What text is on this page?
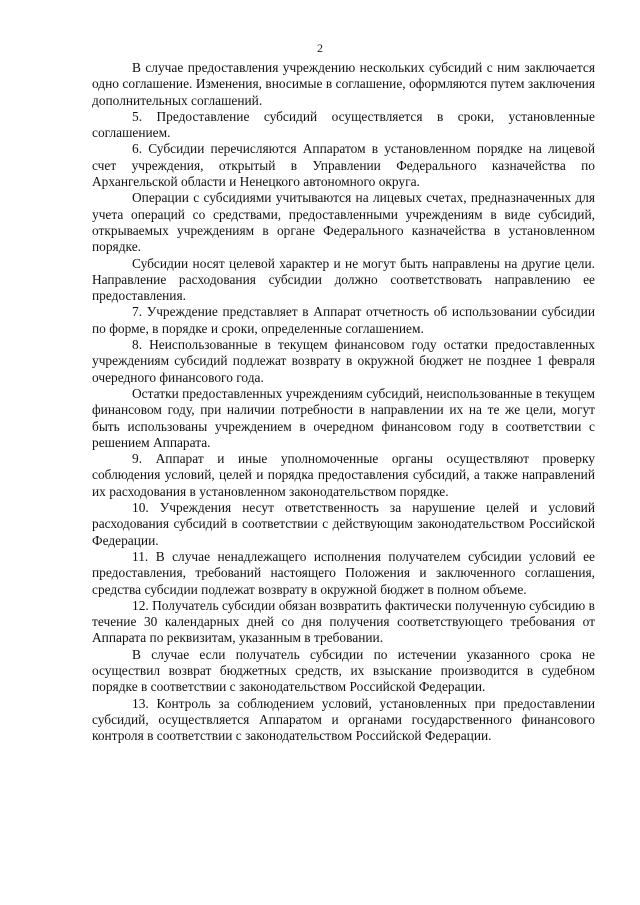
2

В случае предоставления учреждению нескольких субсидий с ним заключается одно соглашение. Изменения, вносимые в соглашение, оформляются путем заключения дополнительных соглашений.

5. Предоставление субсидий осуществляется в сроки, установленные соглашением.

6. Субсидии перечисляются Аппаратом в установленном порядке на лицевой счет учреждения, открытый в Управлении Федерального казначейства по Архангельской области и Ненецкого автономного округа.

Операции с субсидиями учитываются на лицевых счетах, предназначенных для учета операций со средствами, предоставленными учреждениям в виде субсидий, открываемых учреждениям в органе Федерального казначейства в установленном порядке.

Субсидии носят целевой характер и не могут быть направлены на другие цели. Направление расходования субсидии должно соответствовать направлению ее предоставления.

7. Учреждение представляет в Аппарат отчетность об использовании субсидии по форме, в порядке и сроки, определенные соглашением.

8. Неиспользованные в текущем финансовом году остатки предоставленных учреждениям субсидий подлежат возврату в окружной бюджет не позднее 1 февраля очередного финансового года.

Остатки предоставленных учреждениям субсидий, неиспользованные в текущем финансовом году, при наличии потребности в направлении их на те же цели, могут быть использованы учреждением в очередном финансовом году в соответствии с решением Аппарата.

9. Аппарат и иные уполномоченные органы осуществляют проверку соблюдения условий, целей и порядка предоставления субсидий, а также направлений их расходования в установленном законодательством порядке.

10. Учреждения несут ответственность за нарушение целей и условий расходования субсидий в соответствии с действующим законодательством Российской Федерации.

11. В случае ненадлежащего исполнения получателем субсидии условий ее предоставления, требований настоящего Положения и заключенного соглашения, средства субсидии подлежат возврату в окружной бюджет в полном объеме.

12. Получатель субсидии обязан возвратить фактически полученную субсидию в течение 30 календарных дней со дня получения соответствующего требования от Аппарата по реквизитам, указанным в требовании.

В случае если получатель субсидии по истечении указанного срока не осуществил возврат бюджетных средств, их взыскание производится в судебном порядке в соответствии с законодательством Российской Федерации.

13. Контроль за соблюдением условий, установленных при предоставлении субсидий, осуществляется Аппаратом и органами государственного финансового контроля в соответствии с законодательством Российской Федерации.
